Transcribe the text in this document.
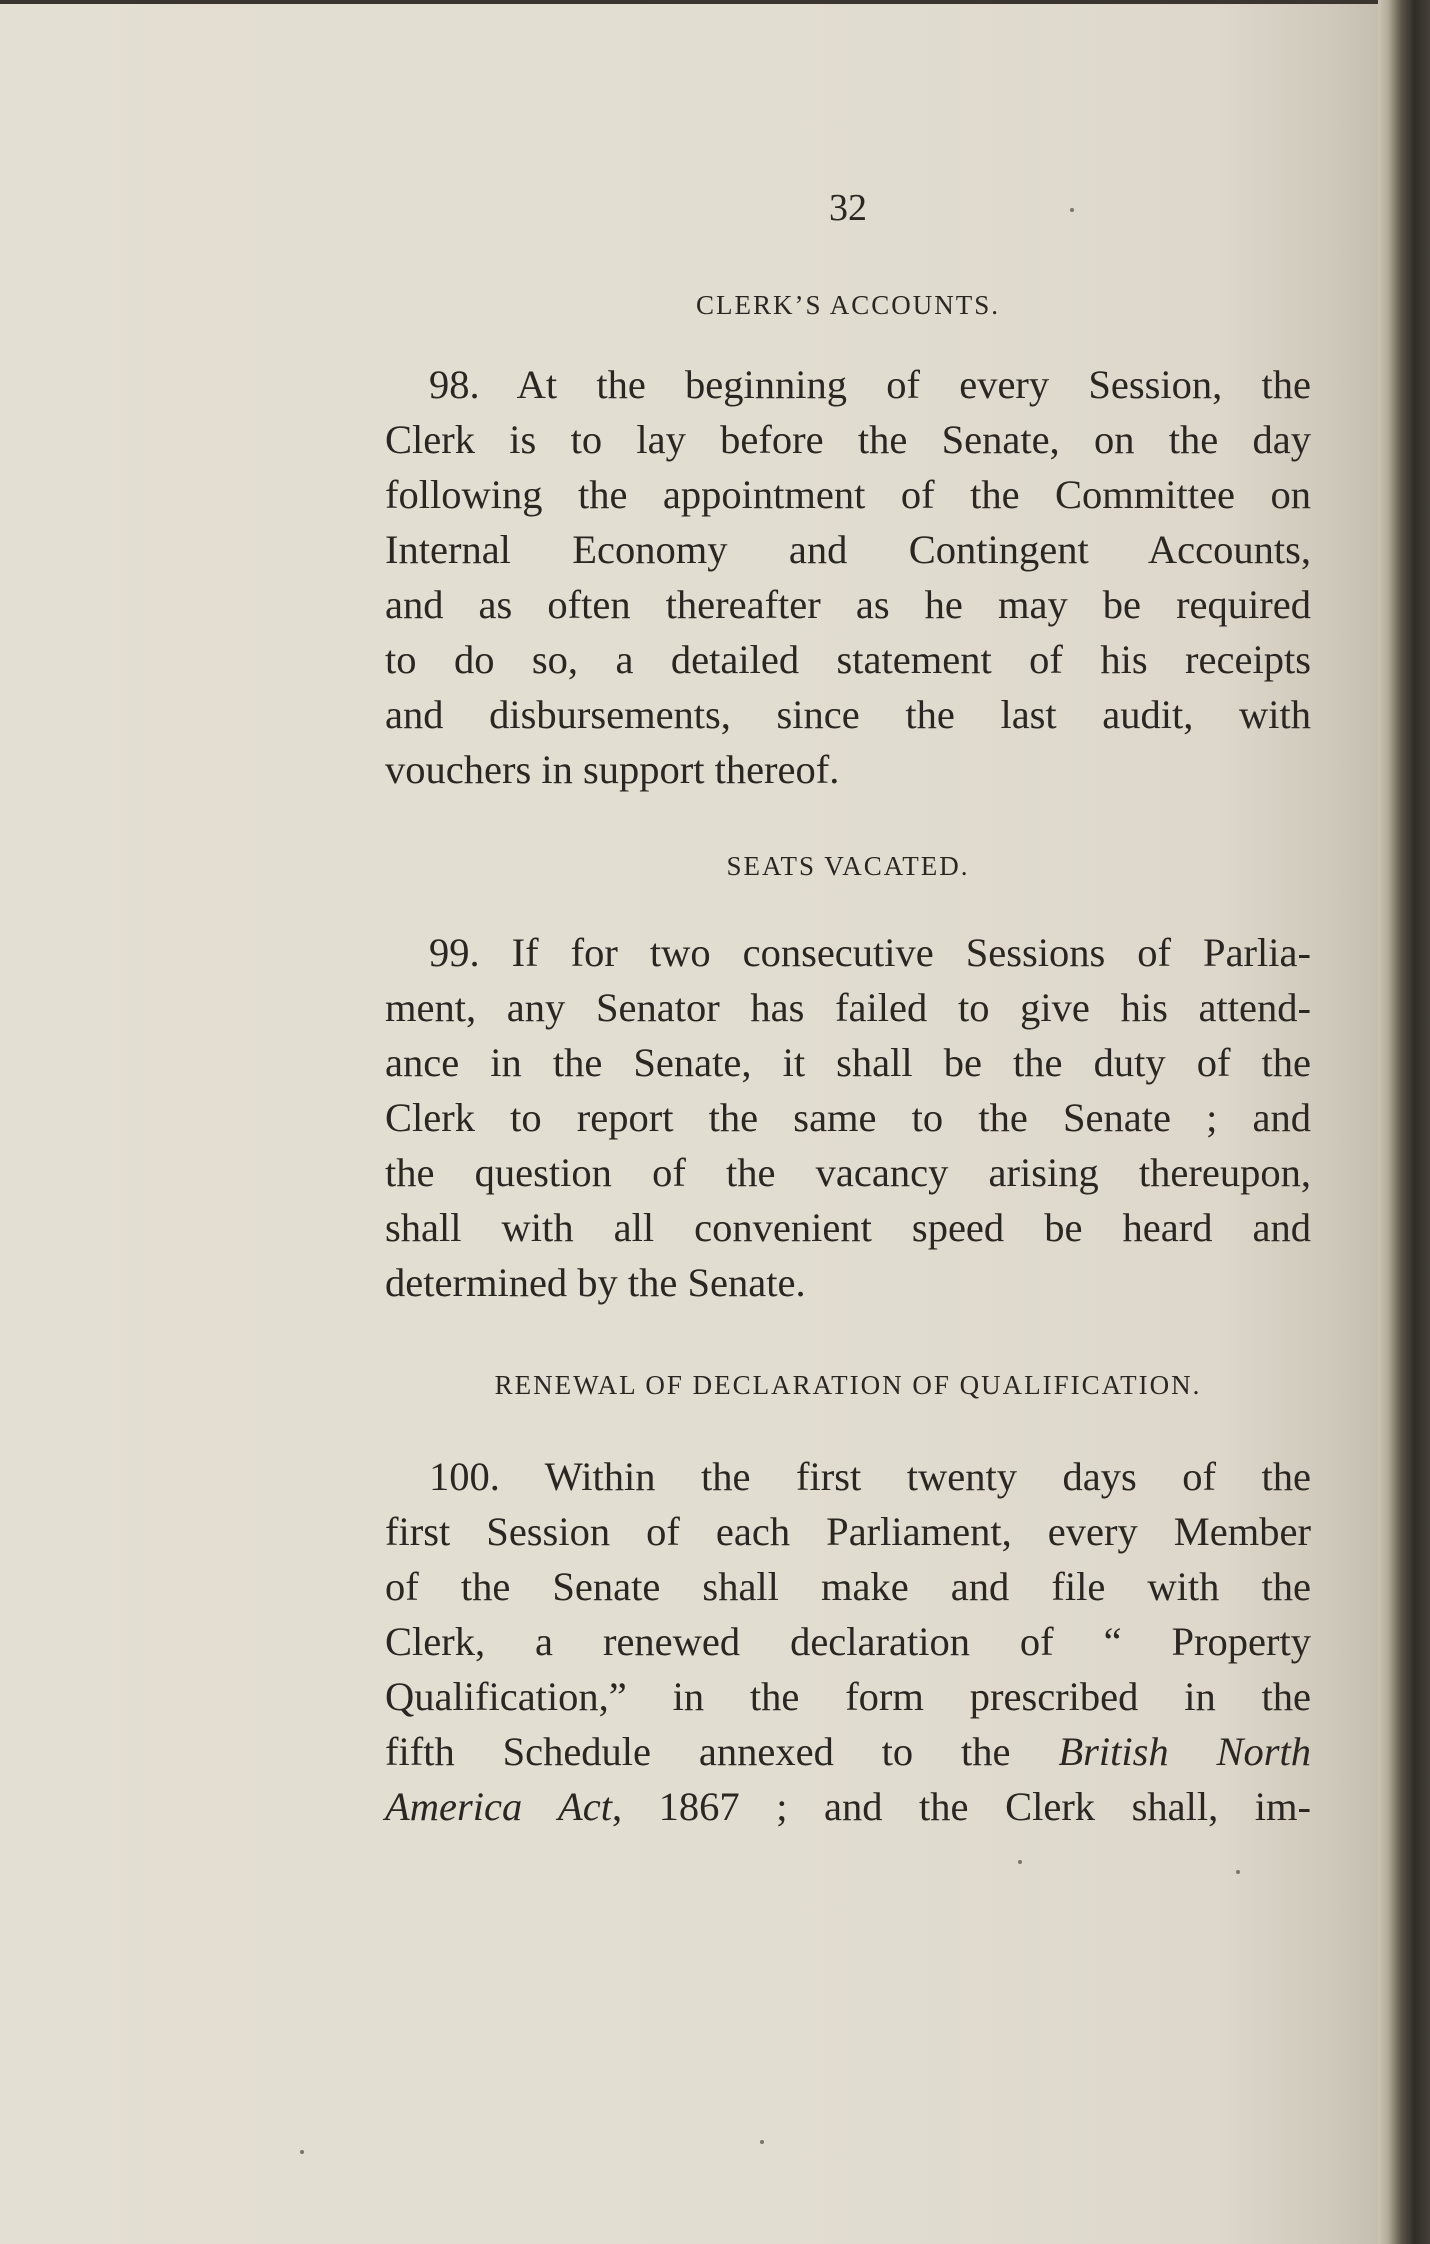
32
CLERK’S ACCOUNTS.
98. At the beginning of every Session, the
Clerk is to lay before the Senate, on the day
following the appointment of the Committee on
Internal Economy and Contingent Accounts,
and as often thereafter as he may be required
to do so, a detailed statement of his receipts
and disbursements, since the last audit, with
vouchers in support thereof.
SEATS VACATED.
99. If for two consecutive Sessions of Parlia-
ment, any Senator has failed to give his attend-
ance in the Senate, it shall be the duty of the
Clerk to report the same to the Senate ; and
the question of the vacancy arising thereupon,
shall with all convenient speed be heard and
determined by the Senate.
RENEWAL OF DECLARATION OF QUALIFICATION.
100. Within the first twenty days of the
first Session of each Parliament, every Member
of the Senate shall make and file with the
Clerk, a renewed declaration of “ Property
Qualification,” in the form prescribed in the
fifth Schedule annexed to the British North
America Act, 1867 ; and the Clerk shall, im-
